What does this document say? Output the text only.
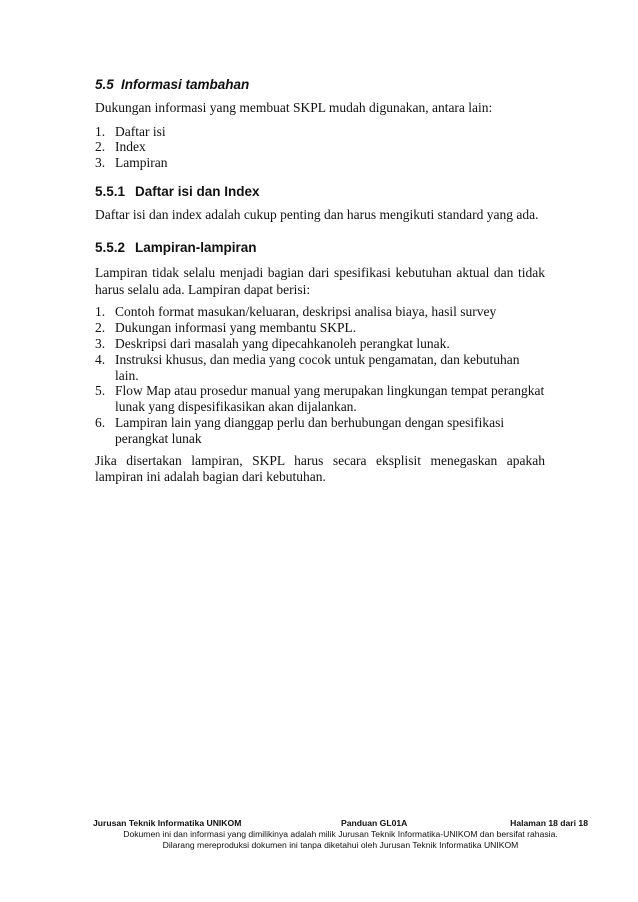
5.5 Informasi tambahan

Dukungan informasi yang membuat SKPL mudah digunakan, antara lain:

1. Daftar isi
2. Index
3. Lampiran
5.5.1 Daftar isi dan Index

Daftar isi dan index adalah cukup penting dan harus mengikuti standard yang ada.

5.5.2 Lampiran-lampiran

Lampiran tidak selalu menjadi bagian dari spesifikasi kebutuhan aktual dan tidak harus selalu ada. Lampiran dapat berisi:

1. Contoh format masukan/keluaran, deskripsi analisa biaya, hasil survey
2. Dukungan informasi yang membantu SKPL.
3. Deskripsi dari masalah yang dipecahkanoleh perangkat lunak.
4. Instruksi khusus, dan media yang cocok untuk pengamatan, dan kebutuhan lain.
5. Flow Map atau prosedur manual yang merupakan lingkungan tempat perangkat lunak yang dispesifikasikan akan dijalankan.
6. Lampiran lain yang dianggap perlu dan berhubungan dengan spesifikasi perangkat lunak

Jika disertakan lampiran, SKPL harus secara eksplisit menegaskan apakah lampiran ini adalah bagian dari kebutuhan.

Jurusan Teknik Informatika UNIKOM	Panduan GL01A	Halaman 18 dari 18
Dokumen ini dan informasi yang dimilikinya adalah milik Jurusan Teknik Informatika-UNIKOM dan bersifat rahasia.
Dilarang mereproduksi dokumen ini tanpa diketahui oleh Jurusan Teknik Informatika UNIKOM
